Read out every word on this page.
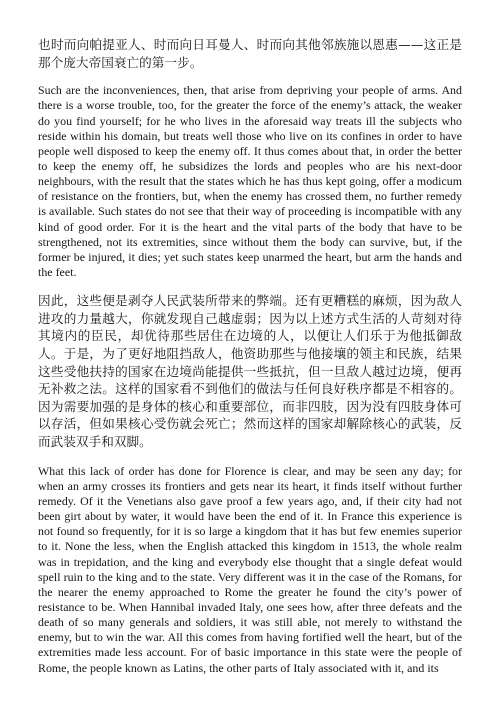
也时而向帕提亚人、时而向日耳曼人、时而向其他邻族施以恩惠——这正是那个庞大帝国衰亡的第一步。

Such are the inconveniences, then, that arise from depriving your people of arms. And there is a worse trouble, too, for the greater the force of the enemy’s attack, the weaker do you find yourself; for he who lives in the aforesaid way treats ill the subjects who reside within his domain, but treats well those who live on its confines in order to have people well disposed to keep the enemy off. It thus comes about that, in order the better to keep the enemy off, he subsidizes the lords and peoples who are his next-door neighbours, with the result that the states which he has thus kept going, offer a modicum of resistance on the frontiers, but, when the enemy has crossed them, no further remedy is available. Such states do not see that their way of proceeding is incompatible with any kind of good order. For it is the heart and the vital parts of the body that have to be strengthened, not its extremities, since without them the body can survive, but, if the former be injured, it dies; yet such states keep unarmed the heart, but arm the hands and the feet.

因此，这些便是剥夺人民武装所带来的弊端。还有更糟糕的麻烦，因为敌人进攻的力量越大，你就发现自己越虚弱；因为以上述方式生活的人苛刻对待其境内的臣民，却优待那些居住在边境的人，以便让人们乐于为他抵御敌人。于是，为了更好地阻挡敌人，他资助那些与他接壤的领主和民族，结果这些受他扶持的国家在边境尚能提供一些抵抗，但一旦敌人越过边境，便再无补救之法。这样的国家看不到他们的做法与任何良好秩序都是不相容的。因为需要加强的是身体的核心和重要部位，而非四肢，因为没有四肢身体可以存活，但如果核心受伤就会死亡；然而这样的国家却解除核心的武装，反而武装双手和双脚。

What this lack of order has done for Florence is clear, and may be seen any day; for when an army crosses its frontiers and gets near its heart, it finds itself without further remedy. Of it the Venetians also gave proof a few years ago, and, if their city had not been girt about by water, it would have been the end of it. In France this experience is not found so frequently, for it is so large a kingdom that it has but few enemies superior to it. None the less, when the English attacked this kingdom in 1513, the whole realm was in trepidation, and the king and everybody else thought that a single defeat would spell ruin to the king and to the state. Very different was it in the case of the Romans, for the nearer the enemy approached to Rome the greater he found the city’s power of resistance to be. When Hannibal invaded Italy, one sees how, after three defeats and the death of so many generals and soldiers, it was still able, not merely to withstand the enemy, but to win the war. All this comes from having fortified well the heart, but of the extremities made less account. For of basic importance in this state were the people of Rome, the people known as Latins, the other parts of Italy associated with it, and its
